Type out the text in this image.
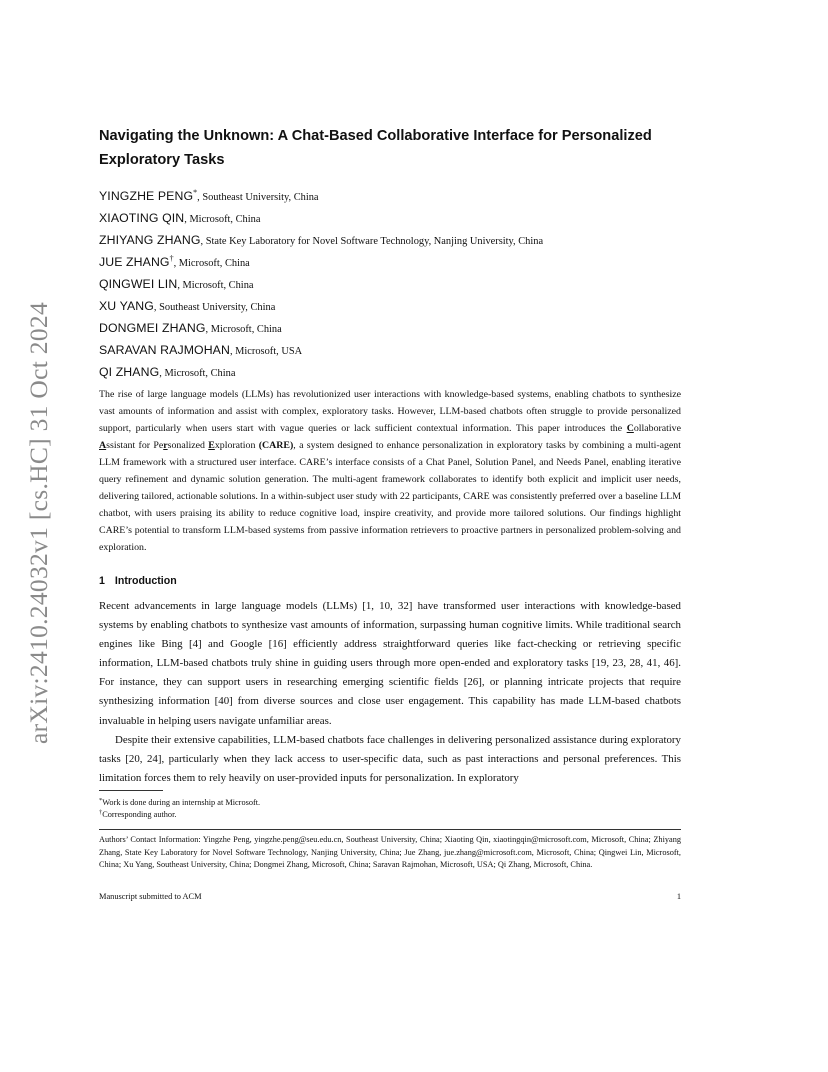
arXiv:2410.24032v1 [cs.HC] 31 Oct 2024
Navigating the Unknown: A Chat-Based Collaborative Interface for Personalized Exploratory Tasks
YINGZHE PENG*, Southeast University, China
XIAOTING QIN, Microsoft, China
ZHIYANG ZHANG, State Key Laboratory for Novel Software Technology, Nanjing University, China
JUE ZHANG†, Microsoft, China
QINGWEI LIN, Microsoft, China
XU YANG, Southeast University, China
DONGMEI ZHANG, Microsoft, China
SARAVAN RAJMOHAN, Microsoft, USA
QI ZHANG, Microsoft, China

The rise of large language models (LLMs) has revolutionized user interactions with knowledge-based systems, enabling chatbots to synthesize vast amounts of information and assist with complex, exploratory tasks. However, LLM-based chatbots often struggle to provide personalized support, particularly when users start with vague queries or lack sufficient contextual information. This paper introduces the Collaborative Assistant for Personalized Exploration (CARE), a system designed to enhance personalization in exploratory tasks by combining a multi-agent LLM framework with a structured user interface. CARE’s interface consists of a Chat Panel, Solution Panel, and Needs Panel, enabling iterative query refinement and dynamic solution generation. The multi-agent framework collaborates to identify both explicit and implicit user needs, delivering tailored, actionable solutions. In a within-subject user study with 22 participants, CARE was consistently preferred over a baseline LLM chatbot, with users praising its ability to reduce cognitive load, inspire creativity, and provide more tailored solutions. Our findings highlight CARE’s potential to transform LLM-based systems from passive information retrievers to proactive partners in personalized problem-solving and exploration.

1 Introduction

Recent advancements in large language models (LLMs) [1, 10, 32] have transformed user interactions with knowledge-based systems by enabling chatbots to synthesize vast amounts of information, surpassing human cognitive limits. While traditional search engines like Bing [4] and Google [16] efficiently address straightforward queries like fact-checking or retrieving specific information, LLM-based chatbots truly shine in guiding users through more open-ended and exploratory tasks [19, 23, 28, 41, 46]. For instance, they can support users in researching emerging scientific fields [26], or planning intricate projects that require synthesizing information [40] from diverse sources and close user engagement. This capability has made LLM-based chatbots invaluable in helping users navigate unfamiliar areas.

Despite their extensive capabilities, LLM-based chatbots face challenges in delivering personalized assistance during exploratory tasks [20, 24], particularly when they lack access to user-specific data, such as past interactions and personal preferences. This limitation forces them to rely heavily on user-provided inputs for personalization. In exploratory

*Work is done during an internship at Microsoft.
†Corresponding author.

Authors’ Contact Information: Yingzhe Peng, yingzhe.peng@seu.edu.cn, Southeast University, China; Xiaoting Qin, xiaotingqin@microsoft.com, Microsoft, China; Zhiyang Zhang, State Key Laboratory for Novel Software Technology, Nanjing University, China; Jue Zhang, jue.zhang@microsoft.com, Microsoft, China; Qingwei Lin, Microsoft, China; Xu Yang, Southeast University, China; Dongmei Zhang, Microsoft, China; Saravan Rajmohan, Microsoft, USA; Qi Zhang, Microsoft, China.

Manuscript submitted to ACM	1
